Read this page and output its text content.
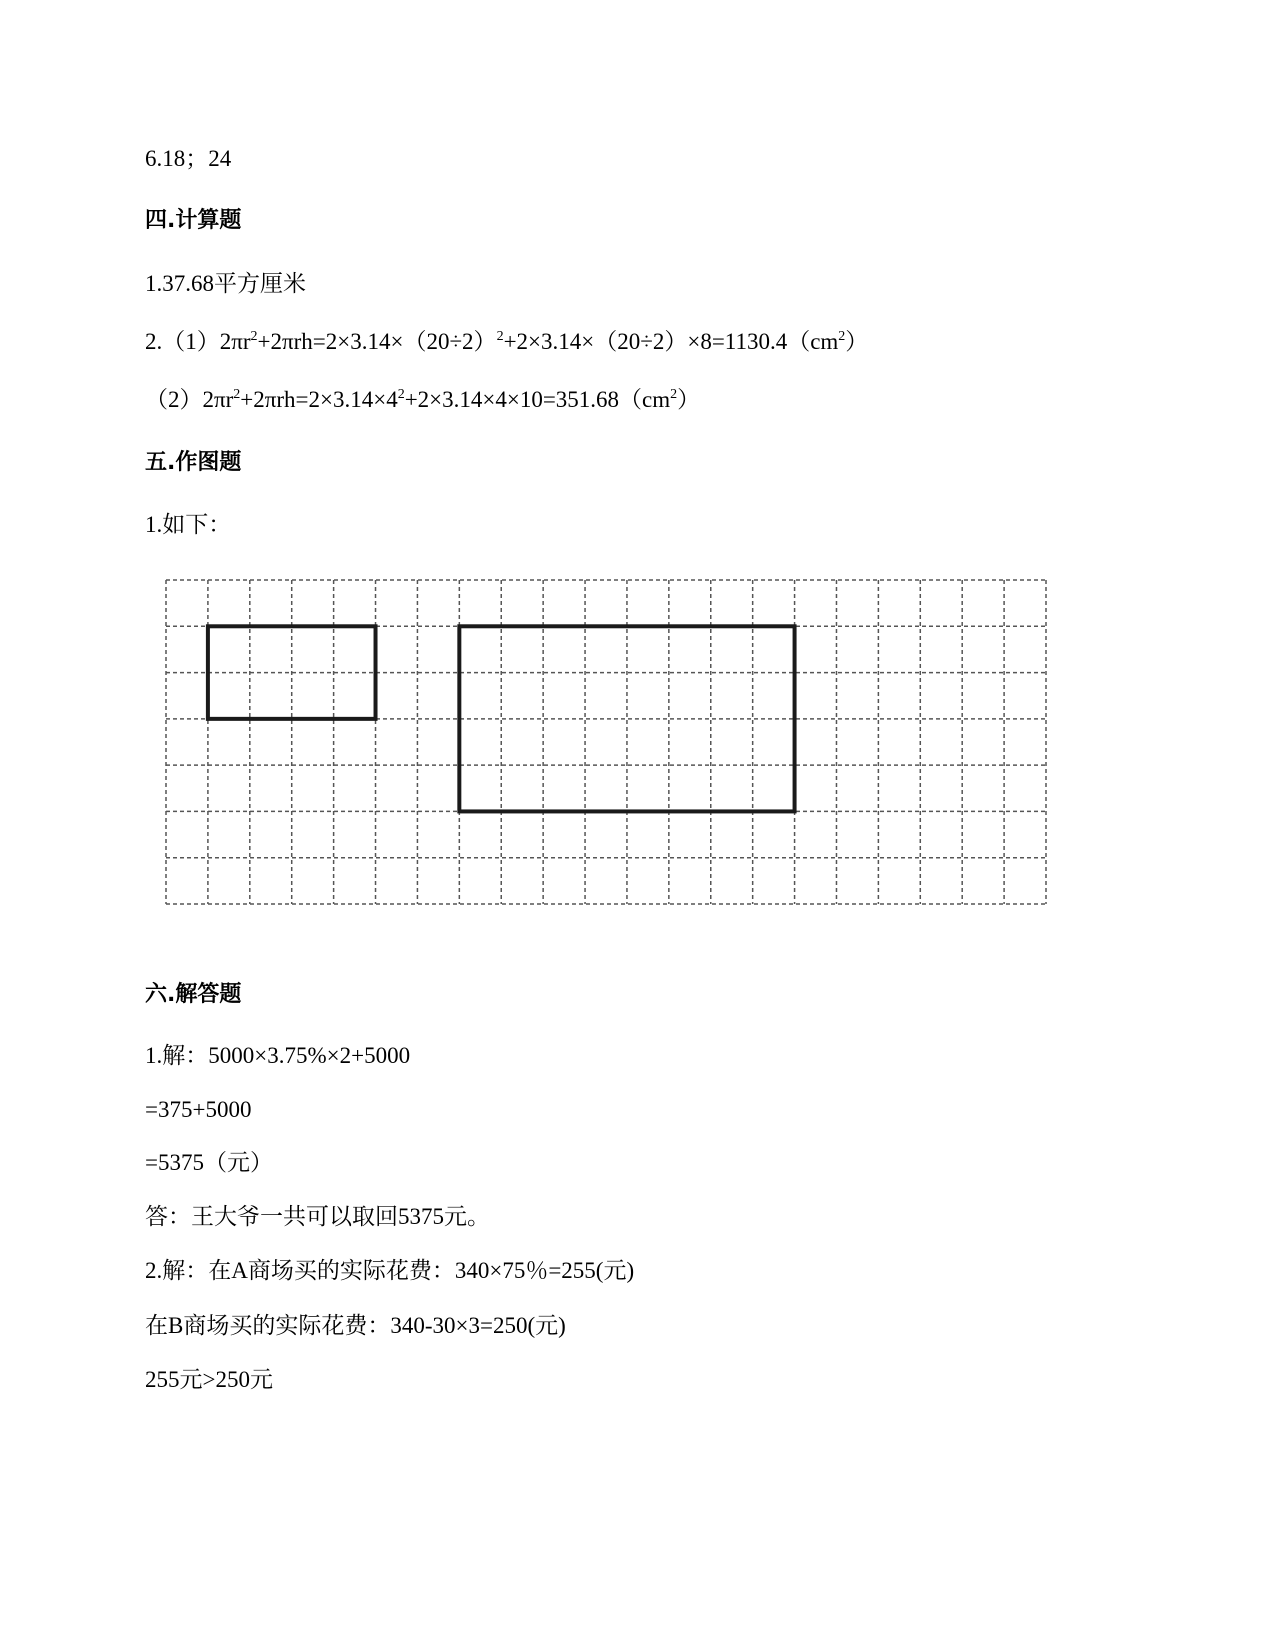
6.18；24
四.计算题
1.37.68平方厘米
$2.(1)2\pi r^2+2\pi rh=2\times 3.14\times(20\div 2)^2+2\times 3.14\times(20\div 2)\times 8=1130.4(cm^2)$
$(2)2\pi r^2+2\pi rh=2\times 3.14\times 4^2+2\times 3.14\times 4\times 10=351.68(cm^2)$
五.作图题
1.如下：
六.解答题
1.解：5000×3.75%×2+5000
=375+5000
=5375（元）
答：王大爷一共可以取回5375元。
2.解：在A商场买的实际花费：340×75％=255(元)
在B商场买的实际花费：340-30×3=250(元)
255元>250元
